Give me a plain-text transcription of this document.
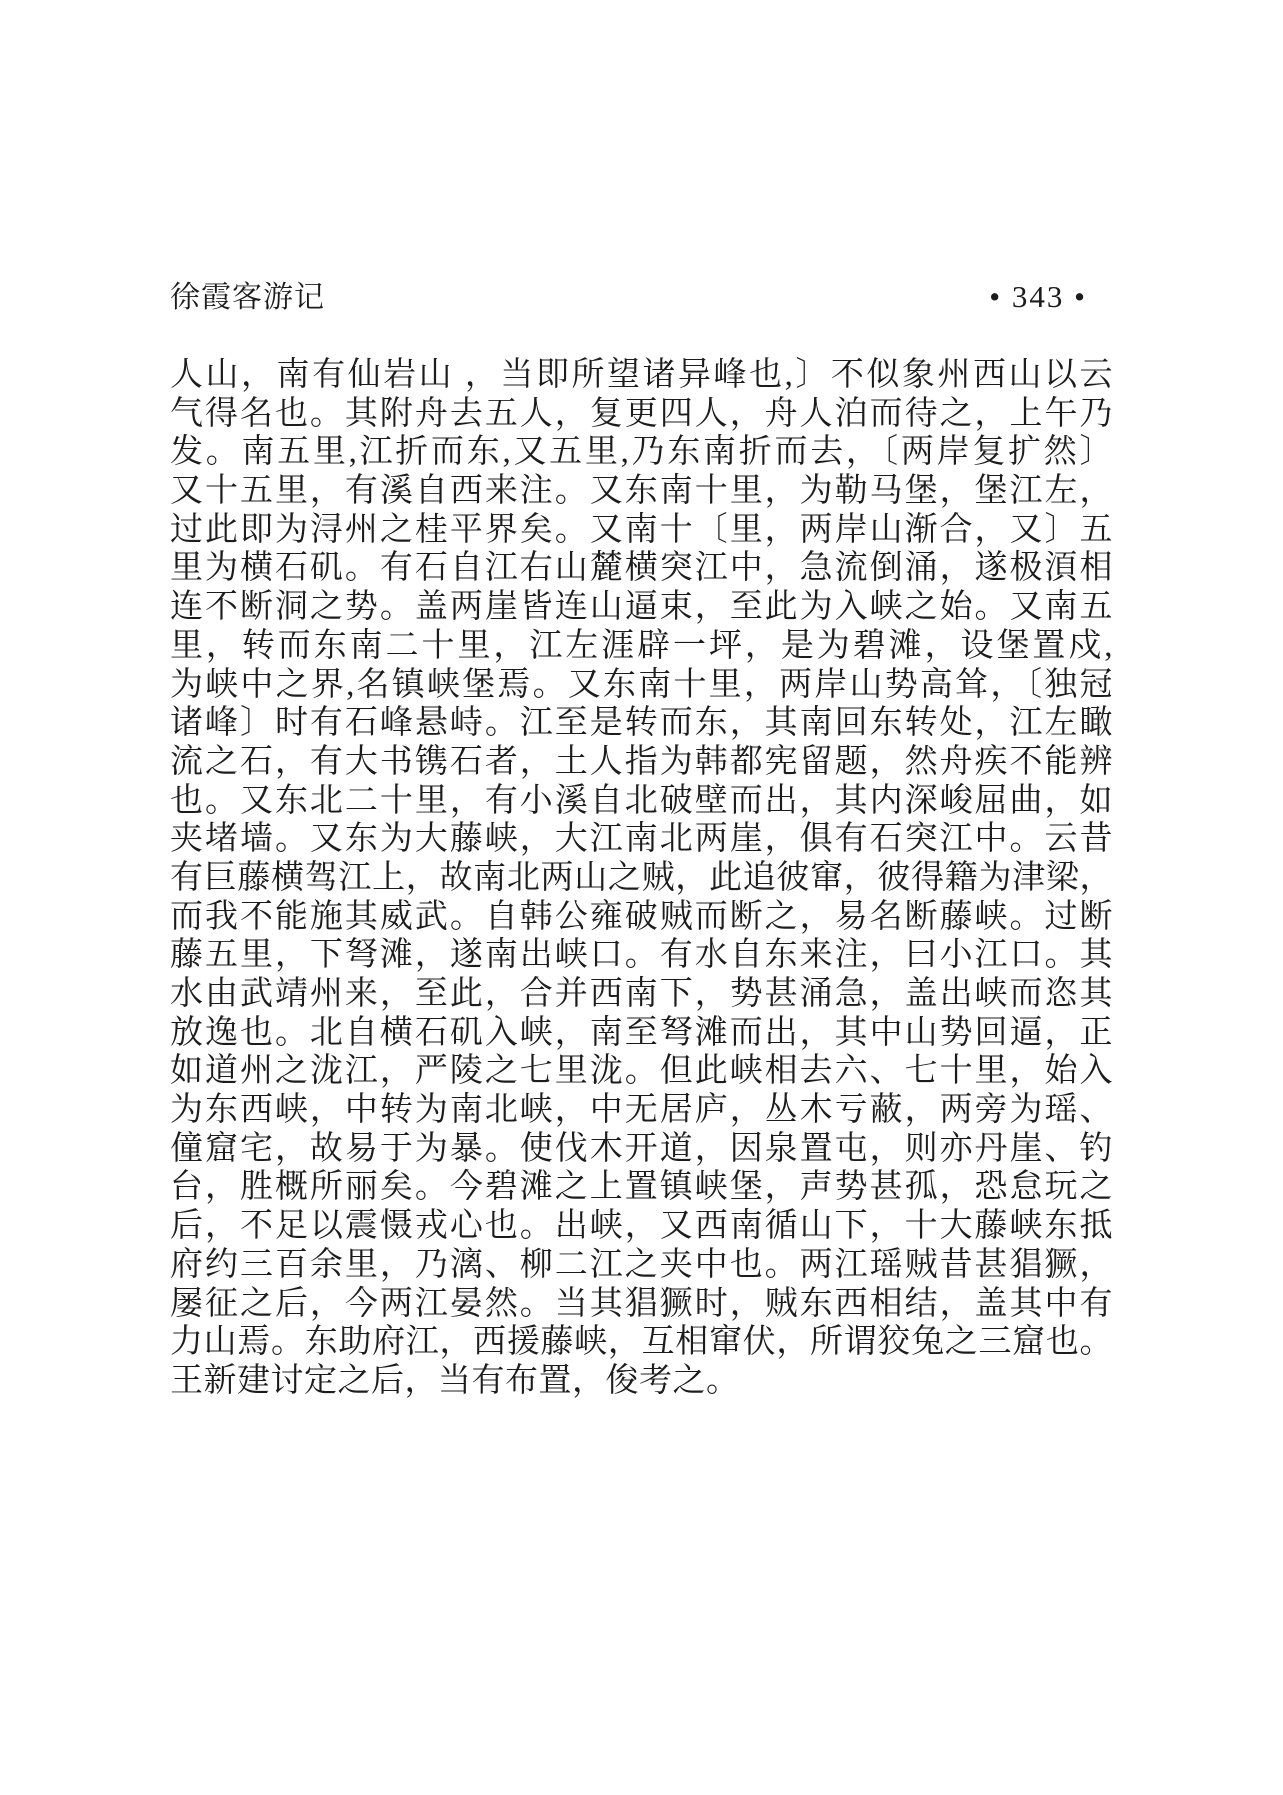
徐霞客游记	• 343 •
人山，南有仙岩山 ，当即所望诸异峰也,〕不似象州西山以云
气得名也。其附舟去五人，复更四人，舟人泊而待之，上午乃
发。南五里,江折而东,又五里,乃东南折而去，〔两岸复扩然〕
又十五里，有溪自西来注。又东南十里，为勒马堡，堡江左，
过此即为浔州之桂平界矣。又南十〔里，两岸山渐合，又〕五
里为横石矶。有石自江右山麓横突江中，急流倒涌，遂极湏相
连不断洞之势。盖两崖皆连山逼束，至此为入峡之始。又南五
里，转而东南二十里，江左涯辟一坪，是为碧滩，设堡置戍,
为峡中之界,名镇峡堡焉。又东南十里，两岸山势高耸，〔独冠
诸峰〕时有石峰悬峙。江至是转而东，其南回东转处，江左瞰
流之石，有大书镌石者，土人指为韩都宪留题，然舟疾不能辨
也。又东北二十里，有小溪自北破壁而出，其内深峻屈曲，如
夹堵墙。又东为大藤峡，大江南北两崖，俱有石突江中。云昔
有巨藤横驾江上，故南北两山之贼，此追彼窜，彼得籍为津梁，
而我不能施其威武。自韩公雍破贼而断之，易名断藤峡。过断
藤五里，下弩滩，遂南出峡口。有水自东来注，曰小江口。其
水由武靖州来，至此，合并西南下，势甚涌急，盖出峡而恣其
放逸也。北自横石矶入峡，南至弩滩而出，其中山势回逼，正
如道州之泷江，严陵之七里泷。但此峡相去六、七十里，始入
为东西峡，中转为南北峡，中无居庐，丛木亏蔽，两旁为瑶、
僮窟宅，故易于为暴。使伐木开道，因泉置屯，则亦丹崖、钓
台，胜概所丽矣。今碧滩之上置镇峡堡，声势甚孤，恐怠玩之
后，不足以震慑戎心也。出峡，又西南循山下，十大藤峡东抵
府约三百余里，乃漓、柳二江之夹中也。两江瑶贼昔甚猖獗，
屡征之后，今两江晏然。当其猖獗时，贼东西相结，盖其中有
力山焉。东助府江，西援藤峡，互相窜伏，所谓狡兔之三窟也。
王新建讨定之后，当有布置，俊考之。
